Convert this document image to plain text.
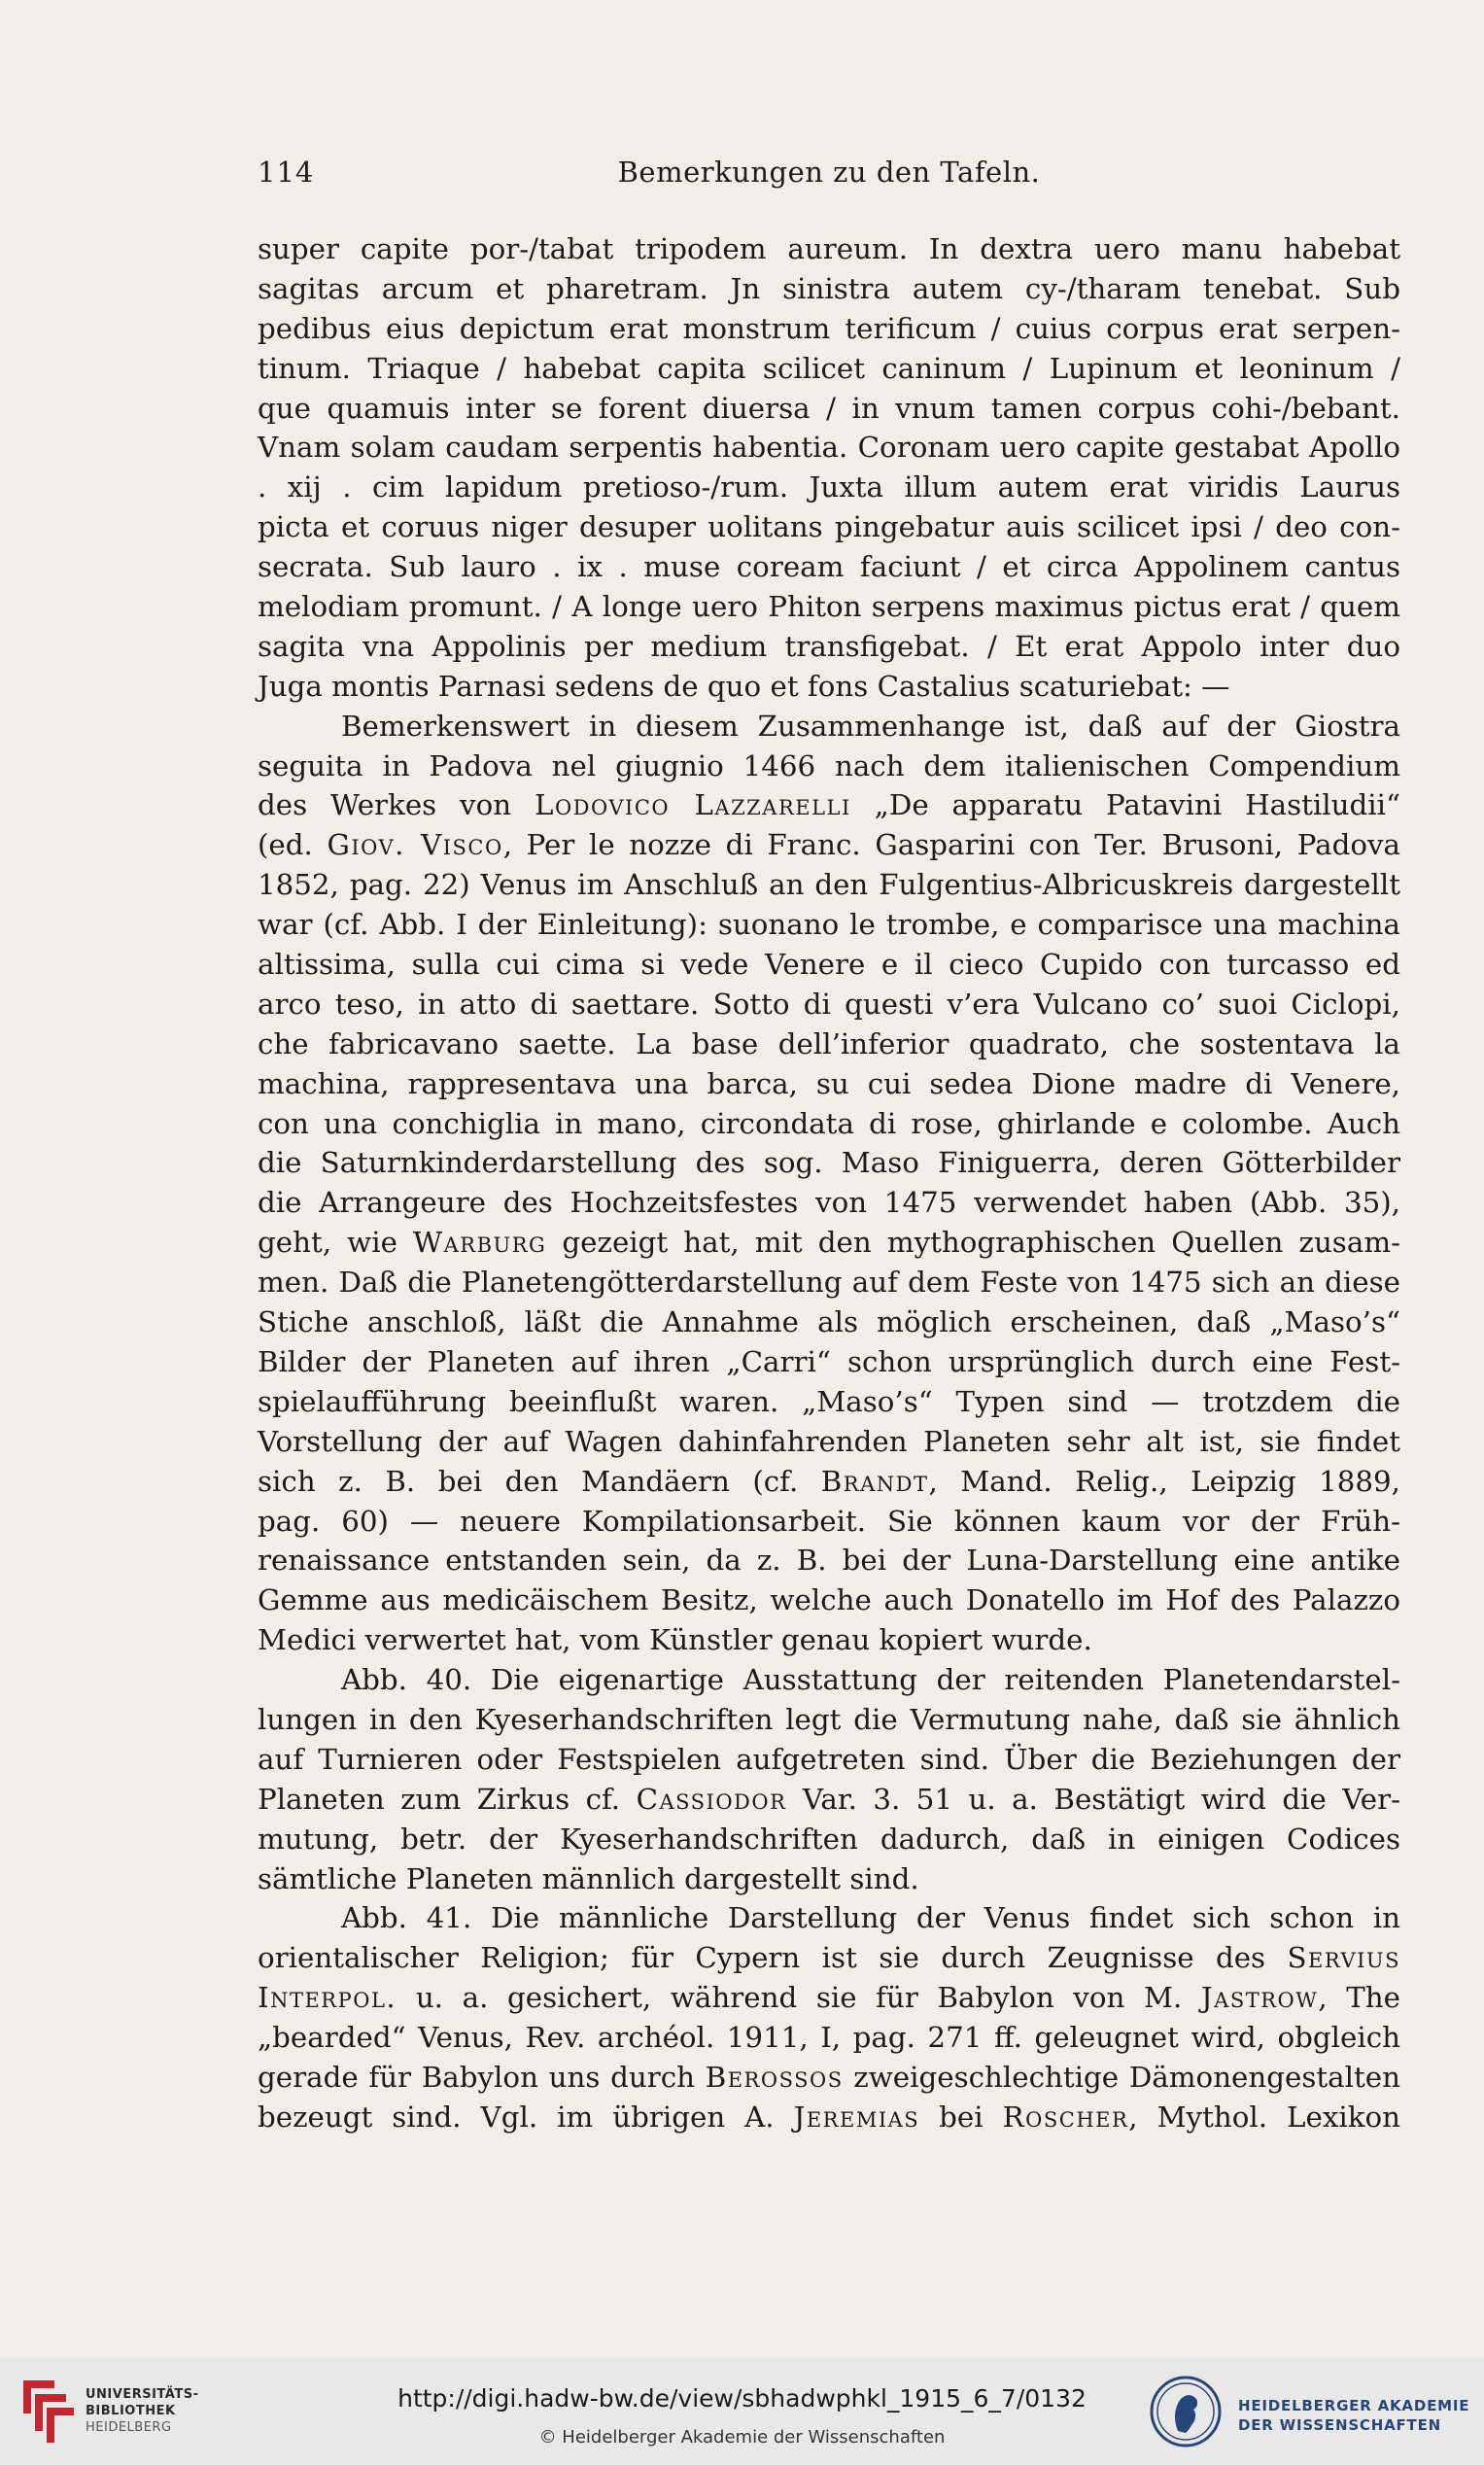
114	Bemerkungen zu den Tafeln.
super capite por-/tabat tripodem aureum. In dextra uero manu habebat
sagitas arcum et pharetram. Jn sinistra autem cy-/tharam tenebat. Sub
pedibus eius depictum erat monstrum terificum / cuius corpus erat serpen-
tinum. Triaque / habebat capita scilicet caninum / Lupinum et leoninum /
que quamuis inter se forent diuersa / in vnum tamen corpus cohi-/bebant.
Vnam solam caudam serpentis habentia. Coronam uero capite gestabat Apollo
. xij . cim lapidum pretioso-/rum. Juxta illum autem erat viridis Laurus
picta et coruus niger desuper uolitans pingebatur auis scilicet ipsi / deo con-
secrata. Sub lauro . ix . muse coream faciunt / et circa Appolinem cantus
melodiam promunt. / A longe uero Phiton serpens maximus pictus erat / quem
sagita vna Appolinis per medium transfigebat. / Et erat Appolo inter duo
Juga montis Parnasi sedens de quo et fons Castalius scaturiebat: —
Bemerkenswert in diesem Zusammenhange ist, daß auf der Giostra
seguita in Padova nel giugnio 1466 nach dem italienischen Compendium
des Werkes von Lodovico Lazzarelli „De apparatu Patavini Hastiludii“
(ed. Giov. Visco, Per le nozze di Franc. Gasparini con Ter. Brusoni, Padova
1852, pag. 22) Venus im Anschluß an den Fulgentius-Albricuskreis dargestellt
war (cf. Abb. I der Einleitung): suonano le trombe, e comparisce una machina
altissima, sulla cui cima si vede Venere e il cieco Cupido con turcasso ed
arco teso, in atto di saettare. Sotto di questi v’era Vulcano co’ suoi Ciclopi,
che fabricavano saette. La base dell’inferior quadrato, che sostentava la
machina, rappresentava una barca, su cui sedea Dione madre di Venere,
con una conchiglia in mano, circondata di rose, ghirlande e colombe. Auch
die Saturnkinderdarstellung des sog. Maso Finiguerra, deren Götterbilder
die Arrangeure des Hochzeitsfestes von 1475 verwendet haben (Abb. 35),
geht, wie Warburg gezeigt hat, mit den mythographischen Quellen zusam-
men. Daß die Planetengötterdarstellung auf dem Feste von 1475 sich an diese
Stiche anschloß, läßt die Annahme als möglich erscheinen, daß „Maso’s“
Bilder der Planeten auf ihren „Carri“ schon ursprünglich durch eine Fest-
spielaufführung beeinflußt waren. „Maso’s“ Typen sind — trotzdem die
Vorstellung der auf Wagen dahinfahrenden Planeten sehr alt ist, sie findet
sich z. B. bei den Mandäern (cf. Brandt, Mand. Relig., Leipzig 1889,
pag. 60) — neuere Kompilationsarbeit. Sie können kaum vor der Früh-
renaissance entstanden sein, da z. B. bei der Luna-Darstellung eine antike
Gemme aus medicäischem Besitz, welche auch Donatello im Hof des Palazzo
Medici verwertet hat, vom Künstler genau kopiert wurde.
Abb. 40. Die eigenartige Ausstattung der reitenden Planetendarstel-
lungen in den Kyeserhandschriften legt die Vermutung nahe, daß sie ähnlich
auf Turnieren oder Festspielen aufgetreten sind. Über die Beziehungen der
Planeten zum Zirkus cf. Cassiodor Var. 3. 51 u. a. Bestätigt wird die Ver-
mutung, betr. der Kyeserhandschriften dadurch, daß in einigen Codices
sämtliche Planeten männlich dargestellt sind.
Abb. 41. Die männliche Darstellung der Venus findet sich schon in
orientalischer Religion; für Cypern ist sie durch Zeugnisse des Servius
Interpol. u. a. gesichert, während sie für Babylon von M. Jastrow, The
„bearded“ Venus, Rev. archéol. 1911, I, pag. 271 ff. geleugnet wird, obgleich
gerade für Babylon uns durch Berossos zweigeschlechtige Dämonengestalten
bezeugt sind. Vgl. im übrigen A. Jeremias bei Roscher, Mythol. Lexikon
UNIVERSITÄTS-
BIBLIOTHEK
HEIDELBERG
http://digi.hadw-bw.de/view/sbhadwphkl_1915_6_7/0132
© Heidelberger Akademie der Wissenschaften
HEIDELBERGER AKADEMIE
DER WISSENSCHAFTEN
